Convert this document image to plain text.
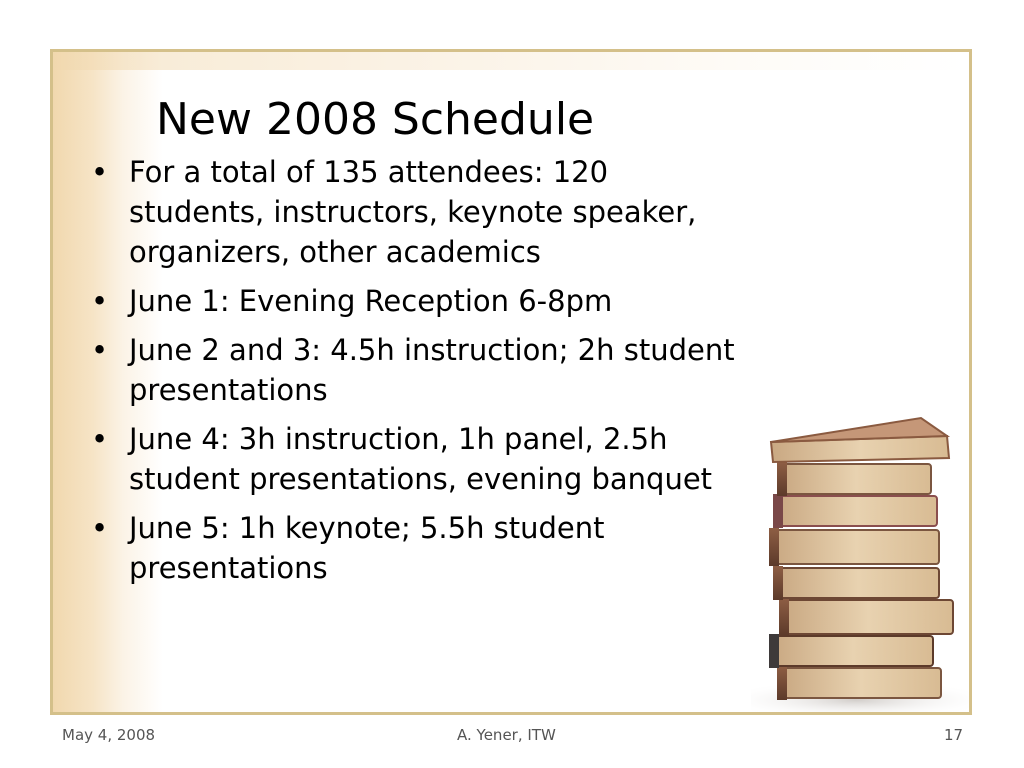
New 2008 Schedule
• For a total of 135 attendees: 120 students, instructors, keynote speaker, organizers, other academics
• June 1: Evening Reception 6-8pm
• June 2 and 3: 4.5h instruction; 2h student presentations
• June 4: 3h instruction, 1h panel, 2.5h student presentations, evening banquet
• June 5: 1h keynote; 5.5h student presentations
May 4, 2008	A. Yener, ITW	17
